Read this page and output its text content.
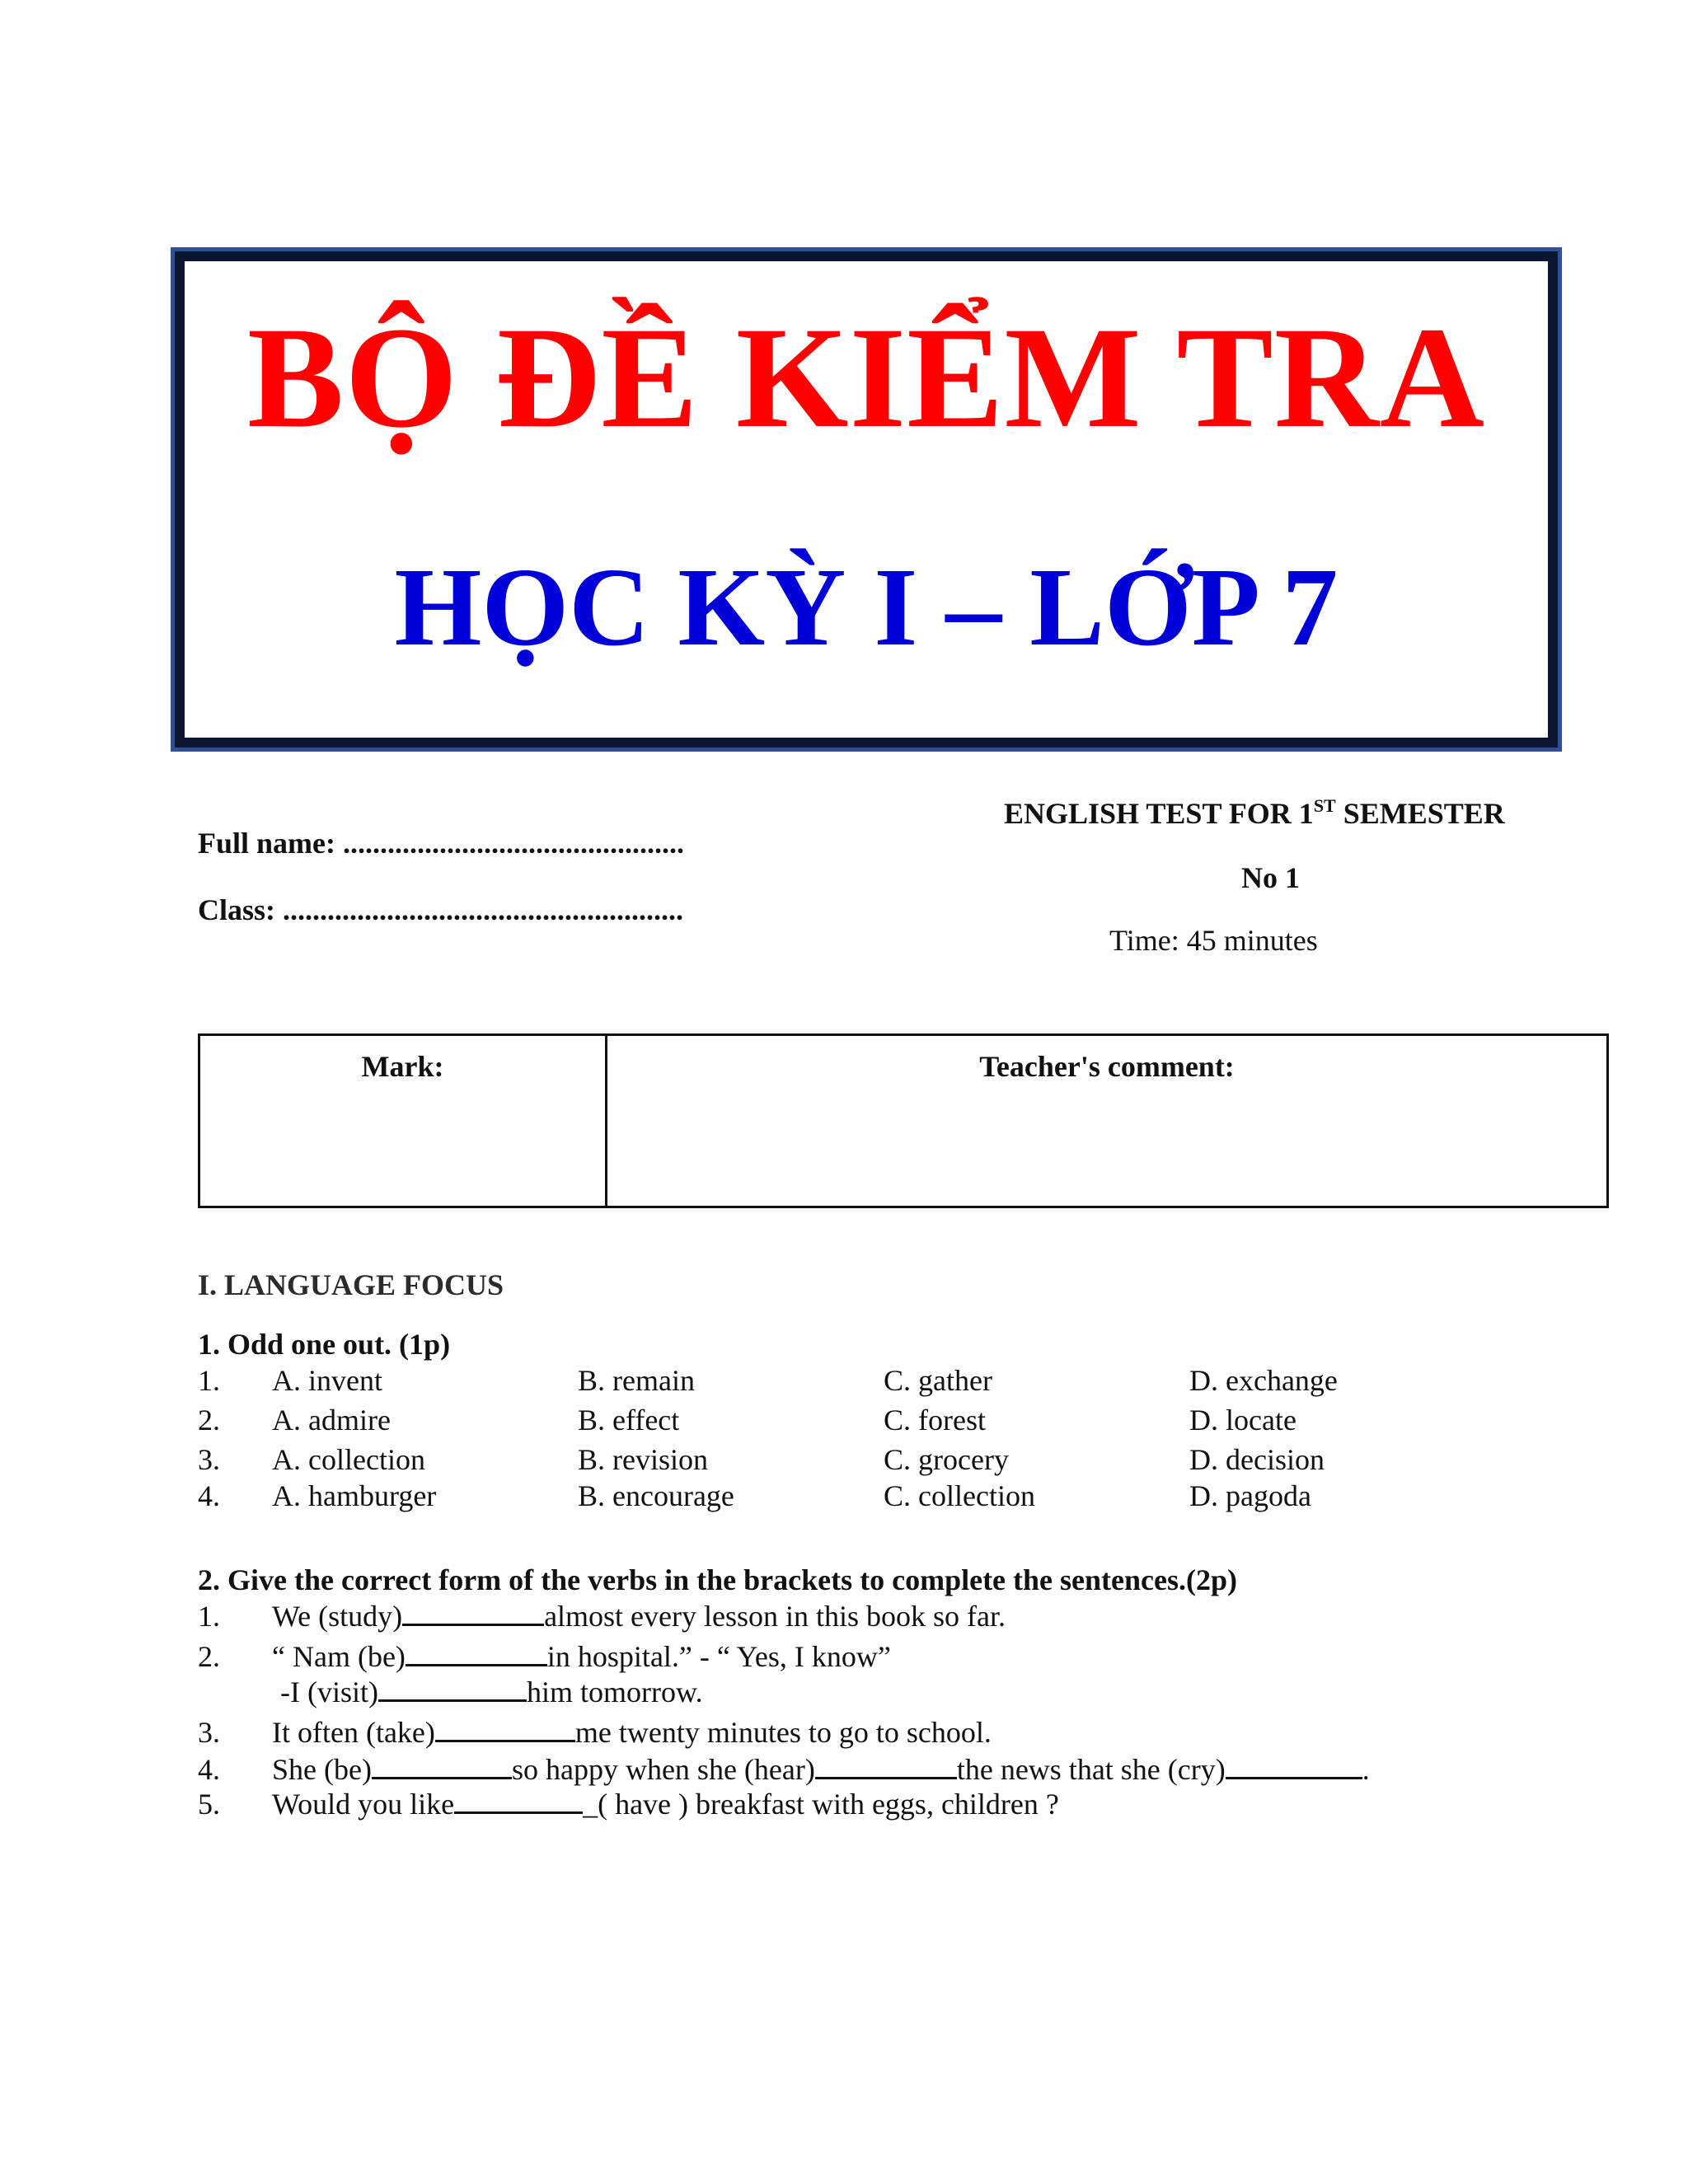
BỘ ĐỀ KIỂM TRA
HỌC KỲ I – LỚP 7
Full name: ..............................................
Class: ......................................................
ENGLISH TEST FOR 1ST SEMESTER
No 1
Time: 45 minutes
Mark:	Teacher's comment:
I. LANGUAGE FOCUS
1. Odd one out. (1p)
1. A. invent	B. remain	C. gather	D. exchange
2. A. admire	B. effect	C. forest	D. locate
3. A. collection	B. revision	C. grocery	D. decision
4. A. hamburger	B. encourage	C. collection	D. pagoda
2. Give the correct form of the verbs in the brackets to complete the sentences.(2p)
1. We (study)	almost every lesson in this book so far.
2. “ Nam (be)	in hospital.” - “ Yes, I know”
-I (visit)	him tomorrow.
3. It often (take)	me twenty minutes to go to school.
4. She (be)	so happy when she (hear)	the news that she (cry)	.
5. Would you like	_( have ) breakfast with eggs, children ?
